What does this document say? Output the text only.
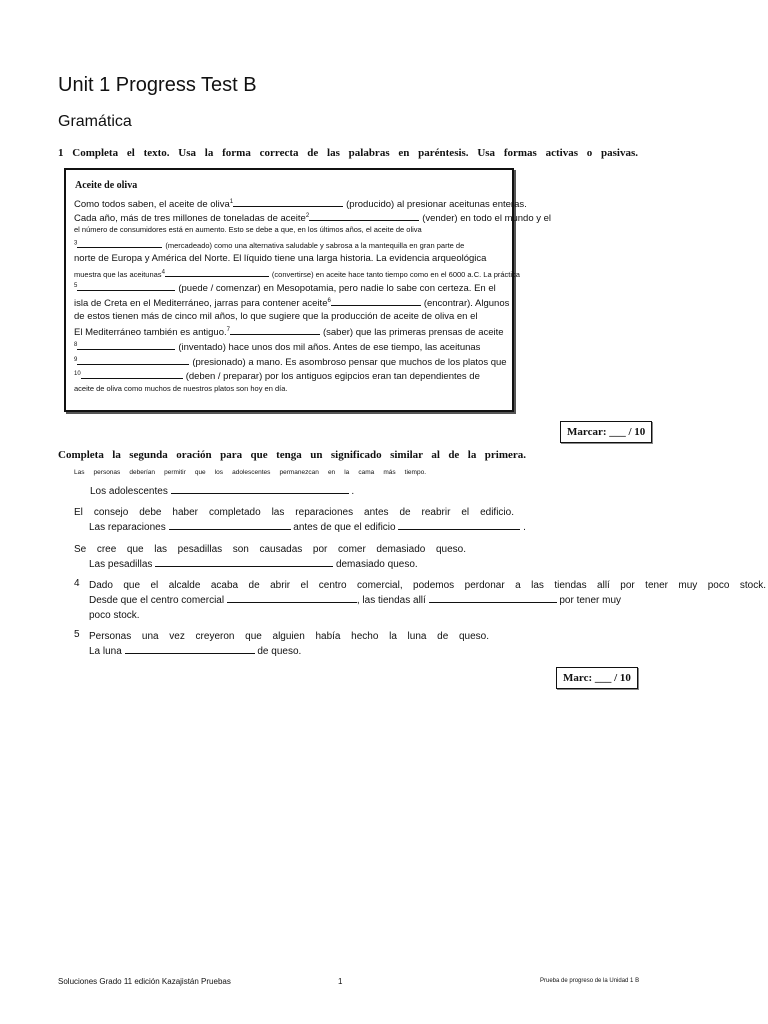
Unit 1 Progress Test B
Gramática
1 Completa el texto. Usa la forma correcta de las palabras en paréntesis. Usa formas activas o pasivas.
Aceite de oliva
Como todos saben, el aceite de oliva$^1$	(producido) al presionar aceitunas enteras.
Cada año, más de tres millones de toneladas de aceite$^2$	(vender) en todo el mundo y el
el número de consumidores está en aumento. Esto se debe a que, en los últimos años, el aceite de oliva
$^3$	(mercadeado) como una alternativa saludable y sabrosa a la mantequilla en gran parte de
norte de Europa y América del Norte. El líquido tiene una larga historia. La evidencia arqueológica
muestra que las aceitunas$^4$	(convertirse) en aceite hace tanto tiempo como en el 6000 a.C. La práctica
$^5$	(puede / comenzar) en Mesopotamia, pero nadie lo sabe con certeza. En el
isla de Creta en el Mediterráneo, jarras para contener aceite$^6$	(encontrar). Algunos
de estos tienen más de cinco mil años, lo que sugiere que la producción de aceite de oliva en el
El Mediterráneo también es antiguo.$^7$	(saber) que las primeras prensas de aceite
$^8$	(inventado) hace unos dos mil años. Antes de ese tiempo, las aceitunas
$^9$	(presionado) a mano. Es asombroso pensar que muchos de los platos que
$^{10}$	(deben / preparar) por los antiguos egipcios eran tan dependientes de
aceite de oliva como muchos de nuestros platos son hoy en día.
Marcar: ___ / 10
Completa la segunda oración para que tenga un significado similar al de la primera.
Las personas deberían permitir que los adolescentes permanezcan en la cama más tiempo.
Los adolescentes	.
El consejo debe haber completado las reparaciones antes de reabrir el edificio.
Las reparaciones	antes de que el edificio	.
Se cree que las pesadillas son causadas por comer demasiado queso.
Las pesadillas	demasiado queso.
4 Dado que el alcalde acaba de abrir el centro comercial, podemos perdonar a las tiendas allí por tener muy poco stock.
Desde que el centro comercial	, las tiendas allí	por tener muy
poco stock.
5 Personas una vez creyeron que alguien había hecho la luna de queso.
La luna	de queso.
Marc: ___ / 10
Soluciones Grado 11 edición Kazajistán Pruebas	1	Prueba de progreso de la Unidad 1 B
